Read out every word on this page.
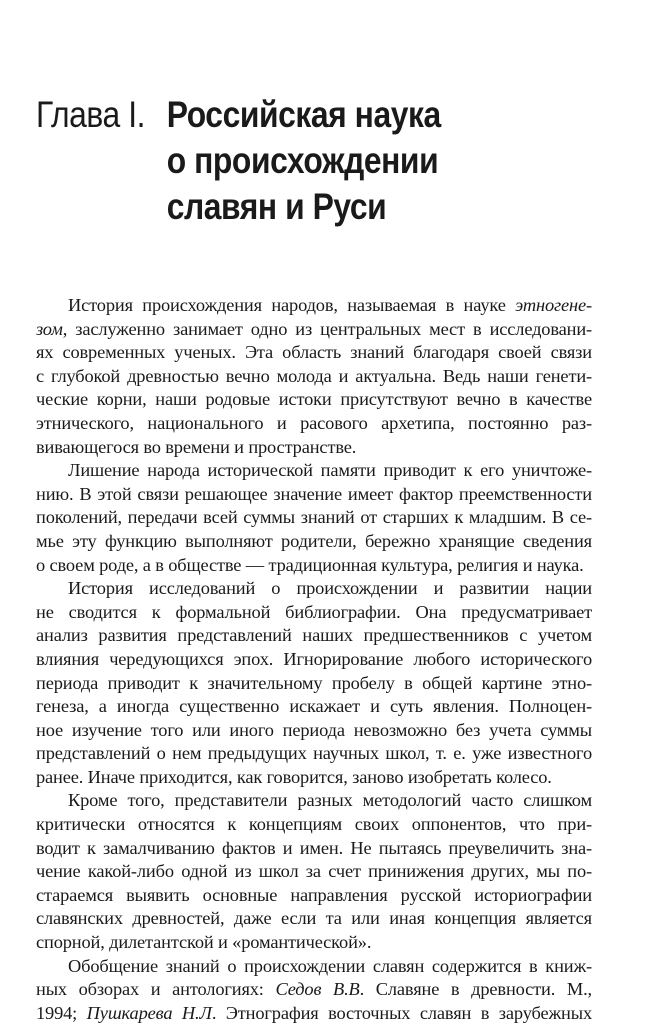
Глава I. Российская наука
о происхождении
славян и Руси
История происхождения народов, называемая в науке этногене-
зом, заслуженно занимает одно из центральных мест в исследовани-
ях современных ученых. Эта область знаний благодаря своей связи
с глубокой древностью вечно молода и актуальна. Ведь наши генети-
ческие корни, наши родовые истоки присутствуют вечно в качестве
этнического, национального и расового архетипа, постоянно раз-
вивающегося во времени и пространстве.
Лишение народа исторической памяти приводит к его уничтоже-
нию. В этой связи решающее значение имеет фактор преемственности
поколений, передачи всей суммы знаний от старших к младшим. В се-
мье эту функцию выполняют родители, бережно хранящие сведения
о своем роде, а в обществе — традиционная культура, религия и наука.
История исследований о происхождении и развитии нации
не сводится к формальной библиографии. Она предусматривает
анализ развития представлений наших предшественников с учетом
влияния чередующихся эпох. Игнорирование любого исторического
периода приводит к значительному пробелу в общей картине этно-
генеза, а иногда существенно искажает и суть явления. Полноцен-
ное изучение того или иного периода невозможно без учета суммы
представлений о нем предыдущих научных школ, т. е. уже известного
ранее. Иначе приходится, как говорится, заново изобретать колесо.
Кроме того, представители разных методологий часто слишком
критически относятся к концепциям своих оппонентов, что при-
водит к замалчиванию фактов и имен. Не пытаясь преувеличить зна-
чение какой-либо одной из школ за счет принижения других, мы по-
стараемся выявить основные направления русской историографии
славянских древностей, даже если та или иная концепция является
спорной, дилетантской и «романтической».
Обобщение знаний о происхождении славян содержится в книж-
ных обзорах и антологиях: Седов В.В. Славяне в древности. М.,
1994; Пушкарева Н.Л. Этнография восточных славян в зарубежных
